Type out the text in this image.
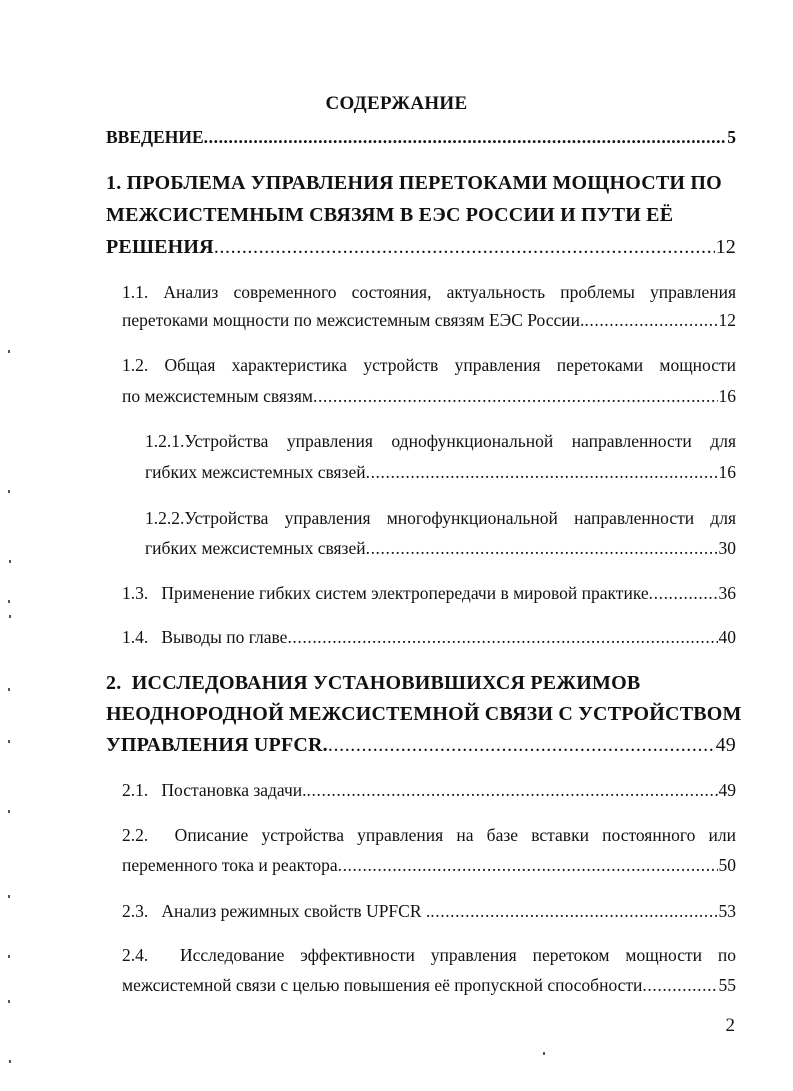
СОДЕРЖАНИЕ
ВВЕДЕНИЕ .....	5
1. ПРОБЛЕМА УПРАВЛЕНИЯ ПЕРЕТОКАМИ МОЩНОСТИ ПО
МЕЖСИСТЕМНЫМ СВЯЗЯМ В ЕЭС РОССИИ И ПУТИ ЕЁ
РЕШЕНИЯ .....	12
1.1. Анализ современного состояния, актуальность проблемы управления
перетоками мощности по межсистемным связям ЕЭС России. .....	12
1.2. Общая характеристика устройств управления перетоками мощности
по межсистемным связям .....	16
1.2.1.Устройства управления однофункциональной направленности для
гибких межсистемных связей .....	16
1.2.2.Устройства управления многофункциональной направленности для
гибких межсистемных связей .....	30
1.3.   Применение гибких систем электропередачи в мировой практике .....	36
1.4.   Выводы по главе .....	40
2.  ИССЛЕДОВАНИЯ УСТАНОВИВШИХСЯ РЕЖИМОВ
НЕОДНОРОДНОЙ МЕЖСИСТЕМНОЙ СВЯЗИ С УСТРОЙСТВОМ
УПРАВЛЕНИЯ UPFCR. .....	49
2.1.   Постановка задачи. .....	49
2.2.  Описание устройства управления на базе вставки постоянного или
переменного тока и реактора .....	50
2.3.   Анализ режимных свойств UPFCR . .....	53
2.4.  Исследование эффективности управления перетоком мощности по
межсистемной связи с целью повышения её пропускной способности .....	55
2
